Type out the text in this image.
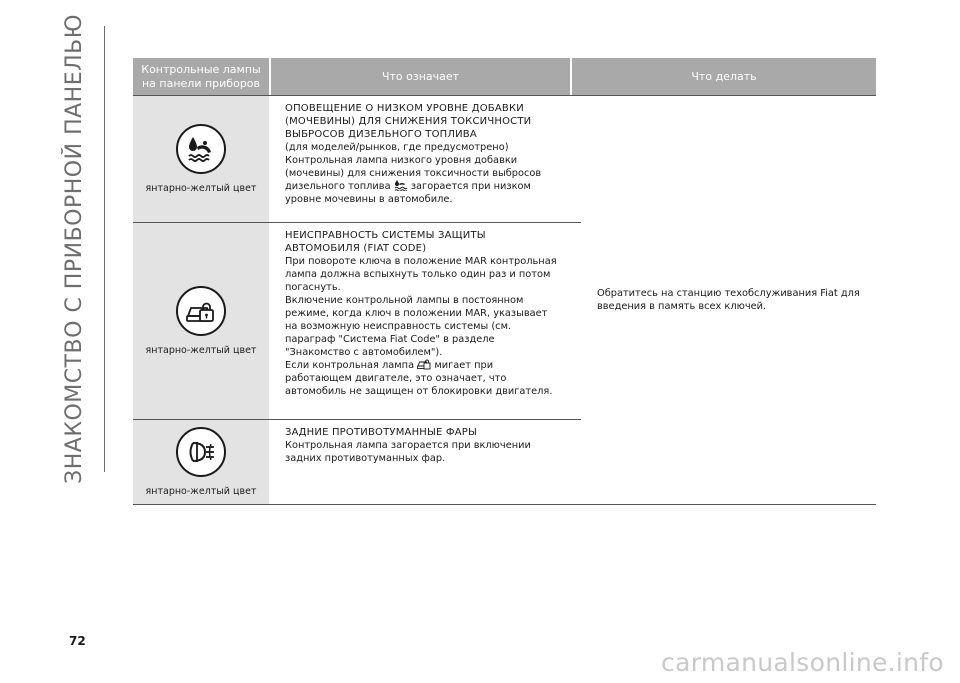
ЗНАКОМСТВО С ПРИБОРНОЙ ПАНЕЛЬЮ	Контрольные лампы на панели приборов
Что означает	Что делать
янтарно-желтый цвет

ОПОВЕЩЕНИЕ О НИЗКОМ УРОВНЕ ДОБАВКИ
(МОЧЕВИНЫ) ДЛЯ СНИЖЕНИЯ ТОКСИЧНОСТИ
ВЫБРОСОВ ДИЗЕЛЬНОГО ТОПЛИВА

(для моделей/рынков, где предусмотрено)

Контрольная лампа низкого уровня добавки (мочевины) для снижения токсичности выбросов дизельного топлива загорается при низком уровне мочевины в автомобиле.

янтарно-желтый цвет

НЕИСПРАВНОСТЬ СИСТЕМЫ ЗАЩИТЫ
АВТОМОБИЛЯ (FIAT CODE)

При повороте ключа в положение MAR контрольная лампа должна вспыхнуть только один раз и потом погаснуть.

Включение контрольной лампы в постоянном режиме, когда ключ в положении MAR, указывает на возможную неисправность системы (см. параграф "Система Fiat Code" в разделе "Знакомство с автомобилем").

Если контрольная лампа мигает при работающем двигателе, это означает, что автомобиль не защищен от блокировки двигателя.

янтарно-желтый цвет

ЗАДНИЕ ПРОТИВОТУМАННЫЕ ФАРЫ

Контрольная лампа загорается при включении задних противотуманных фар.

Обратитесь на станцию техобслуживания Fiat для введения в память всех ключей.

72
carmanualsonline.info
